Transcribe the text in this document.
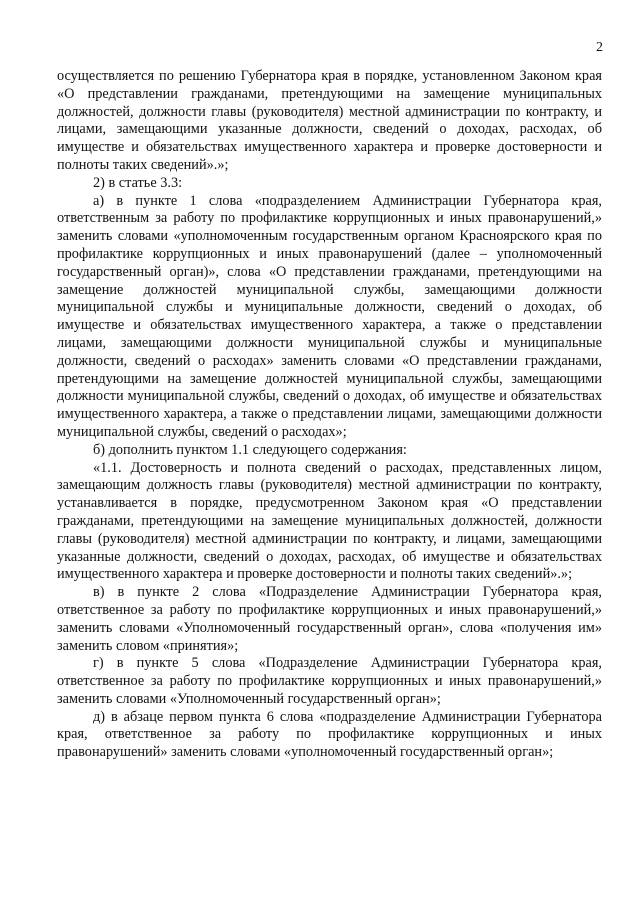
2

осуществляется по решению Губернатора края в порядке, установленном Законом края «О представлении гражданами, претендующими на замещение муниципальных должностей, должности главы (руководителя) местной администрации по контракту, и лицами, замещающими указанные должности, сведений о доходах, расходах, об имуществе и обязательствах имущественного характера и проверке достоверности и полноты таких сведений».»;

2) в статье 3.3:

а) в пункте 1 слова «подразделением Администрации Губернатора края, ответственным за работу по профилактике коррупционных и иных правонарушений,» заменить словами «уполномоченным государственным органом Красноярского края по профилактике коррупционных и иных правонарушений (далее – уполномоченный государственный орган)», слова «О представлении гражданами, претендующими на замещение должностей муниципальной службы, замещающими должности муниципальной службы и муниципальные должности, сведений о доходах, об имуществе и обязательствах имущественного характера, а также о представлении лицами, замещающими должности муниципальной службы и муниципальные должности, сведений о расходах» заменить словами «О представлении гражданами, претендующими на замещение должностей муниципальной службы, замещающими должности муниципальной службы, сведений о доходах, об имуществе и обязательствах имущественного характера, а также о представлении лицами, замещающими должности муниципальной службы, сведений о расходах»;

б) дополнить пунктом 1.1 следующего содержания:

«1.1. Достоверность и полнота сведений о расходах, представленных лицом, замещающим должность главы (руководителя) местной администрации по контракту, устанавливается в порядке, предусмотренном Законом края «О представлении гражданами, претендующими на замещение муниципальных должностей, должности главы (руководителя) местной администрации по контракту, и лицами, замещающими указанные должности, сведений о доходах, расходах, об имуществе и обязательствах имущественного характера и проверке достоверности и полноты таких сведений».»;

в) в пункте 2 слова «Подразделение Администрации Губернатора края, ответственное за работу по профилактике коррупционных и иных правонарушений,» заменить словами «Уполномоченный государственный орган», слова «получения им» заменить словом «принятия»;

г) в пункте 5 слова «Подразделение Администрации Губернатора края, ответственное за работу по профилактике коррупционных и иных правонарушений,» заменить словами «Уполномоченный государственный орган»;

д) в абзаце первом пункта 6 слова «подразделение Администрации Губернатора края, ответственное за работу по профилактике коррупционных и иных правонарушений» заменить словами «уполномоченный государственный орган»;
